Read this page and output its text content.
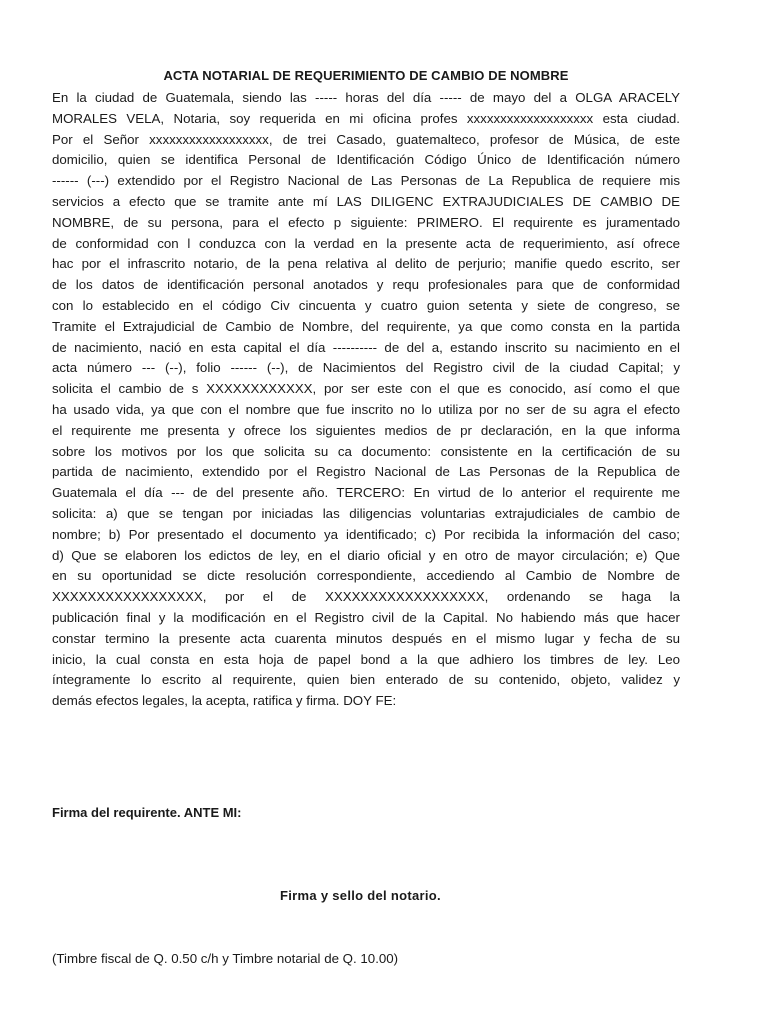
ACTA NOTARIAL DE REQUERIMIENTO DE CAMBIO DE NOMBRE
En la ciudad de Guatemala, siendo las ----- horas del día ----- de mayo del a OLGA ARACELY
MORALES VELA, Notaria, soy requerida en mi oficina profes xxxxxxxxxxxxxxxxxxx esta ciudad.
Por el Señor xxxxxxxxxxxxxxxxxx, de trei Casado, guatemalteco, profesor de Música, de este
domicilio, quien se identifica Personal de Identificación Código Único de Identificación número
------ (---) extendido por el Registro Nacional de Las Personas de La Republica de requiere mis
servicios a efecto que se tramite ante mí LAS DILIGENC EXTRAJUDICIALES DE CAMBIO DE
NOMBRE, de su persona, para el efecto p siguiente: PRIMERO. El requirente es juramentado
de conformidad con l conduzca con la verdad en la presente acta de requerimiento, así ofrece
hac por el infrascrito notario, de la pena relativa al delito de perjurio; manifie quedo escrito, ser
de los datos de identificación personal anotados y requ profesionales para que de conformidad
con lo establecido en el código Civ cincuenta y cuatro guion setenta y siete de congreso, se
Tramite el Extrajudicial de Cambio de Nombre, del requirente, ya que como consta en la partida
de nacimiento, nació en esta capital el día ---------- de del a, estando inscrito su nacimiento en el
acta número --- (--), folio ------ (--), de Nacimientos del Registro civil de la ciudad Capital; y
solicita el cambio de s XXXXXXXXXXXX, por ser este con el que es conocido, así como el que
ha usado vida, ya que con el nombre que fue inscrito no lo utiliza por no ser de su agra el efecto
el requirente me presenta y ofrece los siguientes medios de pr declaración, en la que informa
sobre los motivos por los que solicita su ca documento: consistente en la certificación de su
partida de nacimiento, extendido por el Registro Nacional de Las Personas de la Republica de
Guatemala el día --- de del presente año. TERCERO: En virtud de lo anterior el requirente me
solicita: a) que se tengan por iniciadas las diligencias voluntarias extrajudiciales de cambio de
nombre; b) Por presentado el documento ya identificado; c) Por recibida la información del caso;
d) Que se elaboren los edictos de ley, en el diario oficial y en otro de mayor circulación; e) Que
en su oportunidad se dicte resolución correspondiente, accediendo al Cambio de Nombre de
XXXXXXXXXXXXXXXXX, por el de XXXXXXXXXXXXXXXXXX, ordenando se haga la
publicación final y la modificación en el Registro civil de la Capital. No habiendo más que hacer
constar termino la presente acta cuarenta minutos después en el mismo lugar y fecha de su
inicio, la cual consta en esta hoja de papel bond a la que adhiero los timbres de ley. Leo
íntegramente lo escrito al requirente, quien bien enterado de su contenido, objeto, validez y
demás efectos legales, la acepta, ratifica y firma. DOY FE:
Firma del requirente. ANTE MI:
Firma y sello del notario.
(Timbre fiscal de Q. 0.50 c/h y Timbre notarial de Q. 10.00)
